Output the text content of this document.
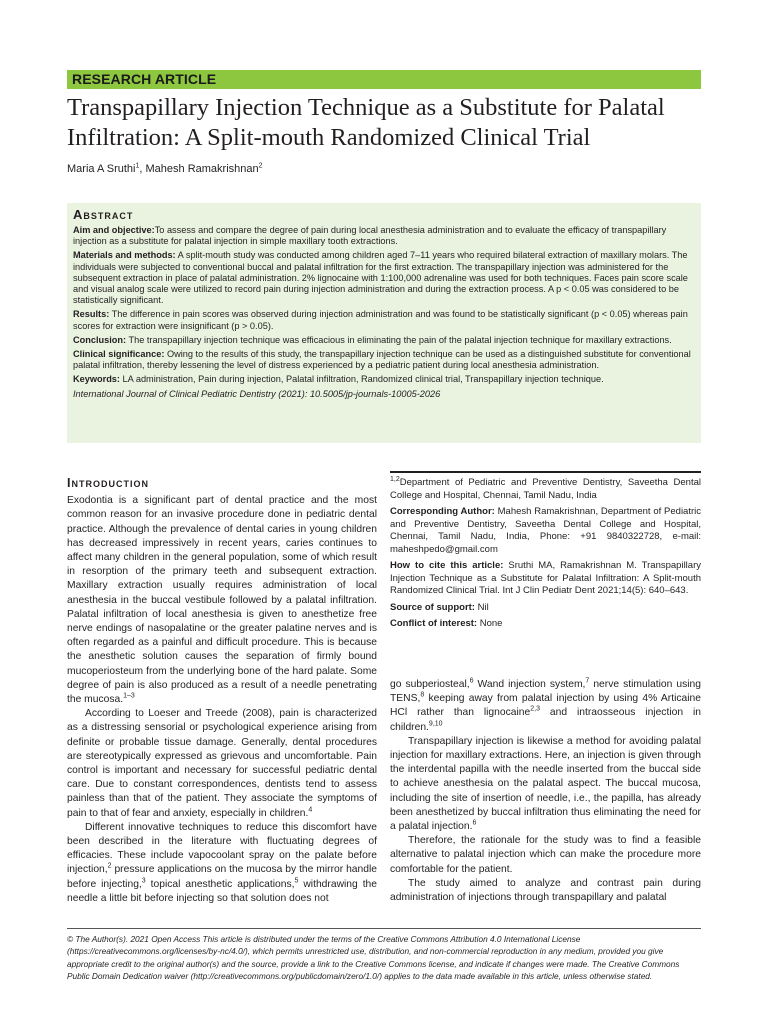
RESEARCH ARTICLE
Transpapillary Injection Technique as a Substitute for Palatal Infiltration: A Split-mouth Randomized Clinical Trial
Maria A Sruthi$^1$, Mahesh Ramakrishnan$^2$
Abstract

Aim and objective:To assess and compare the degree of pain during local anesthesia administration and to evaluate the efficacy of transpapillary injection as a substitute for palatal injection in simple maxillary tooth extractions.

Materials and methods: A split-mouth study was conducted among children aged 7–11 years who required bilateral extraction of maxillary molars. The individuals were subjected to conventional buccal and palatal infiltration for the first extraction. The transpapillary injection was administered for the subsequent extraction in place of palatal administration. 2% lignocaine with 1:100,000 adrenaline was used for both techniques. Faces pain score scale and visual analog scale were utilized to record pain during injection administration and during the extraction process. A p < 0.05 was considered to be statistically significant.

Results: The difference in pain scores was observed during injection administration and was found to be statistically significant (p < 0.05) whereas pain scores for extraction were insignificant (p > 0.05).

Conclusion: The transpapillary injection technique was efficacious in eliminating the pain of the palatal injection technique for maxillary extractions.

Clinical significance: Owing to the results of this study, the transpapillary injection technique can be used as a distinguished substitute for conventional palatal infiltration, thereby lessening the level of distress experienced by a pediatric patient during local anesthesia administration.

Keywords: LA administration, Pain during injection, Palatal infiltration, Randomized clinical trial, Transpapillary injection technique.

International Journal of Clinical Pediatric Dentistry (2021): 10.5005/jp-journals-10005-2026

Introduction

Exodontia is a significant part of dental practice and the most common reason for an invasive procedure done in pediatric dental practice. Although the prevalence of dental caries in young children has decreased impressively in recent years, caries continues to affect many children in the general population, some of which result in resorption of the primary teeth and subsequent extraction. Maxillary extraction usually requires administration of local anesthesia in the buccal vestibule followed by a palatal infiltration. Palatal infiltration of local anesthesia is given to anesthetize free nerve endings of nasopalatine or the greater palatine nerves and is often regarded as a painful and difficult procedure. This is because the anesthetic solution causes the separation of firmly bound mucoperiosteum from the underlying bone of the hard palate. Some degree of pain is also produced as a result of a needle penetrating the mucosa.$^{1-3}$

According to Loeser and Treede (2008), pain is characterized as a distressing sensorial or psychological experience arising from definite or probable tissue damage. Generally, dental procedures are stereotypically expressed as grievous and uncomfortable. Pain control is important and necessary for successful pediatric dental care. Due to constant correspondences, dentists tend to assess painless than that of the patient. They associate the symptoms of pain to that of fear and anxiety, especially in children.$^4$

Different innovative techniques to reduce this discomfort have been described in the literature with fluctuating degrees of efficacies. These include vapocoolant spray on the palate before injection,$^2$ pressure applications on the mucosa by the mirror handle before injecting,$^3$ topical anesthetic applications,$^5$ withdrawing the needle a little bit before injecting so that solution does not

$^{1,2}$Department of Pediatric and Preventive Dentistry, Saveetha Dental College and Hospital, Chennai, Tamil Nadu, India

Corresponding Author: Mahesh Ramakrishnan, Department of Pediatric and Preventive Dentistry, Saveetha Dental College and Hospital, Chennai, Tamil Nadu, India, Phone: +91 9840322728, e-mail: maheshpedo@gmail.com

How to cite this article: Sruthi MA, Ramakrishnan M. Transpapillary Injection Technique as a Substitute for Palatal Infiltration: A Split-mouth Randomized Clinical Trial. Int J Clin Pediatr Dent 2021;14(5): 640–643.

Source of support: Nil

Conflict of interest: None

go subperiosteal,$^6$ Wand injection system,$^7$ nerve stimulation using TENS,$^8$ keeping away from palatal injection by using 4% Articaine HCl rather than lignocaine$^{2,3}$ and intraosseous injection in children.$^{9,10}$

Transpapillary injection is likewise a method for avoiding palatal injection for maxillary extractions. Here, an injection is given through the interdental papilla with the needle inserted from the buccal side to achieve anesthesia on the palatal aspect. The buccal mucosa, including the site of insertion of needle, i.e., the papilla, has already been anesthetized by buccal infiltration thus eliminating the need for a palatal injection.$^6$

Therefore, the rationale for the study was to find a feasible alternative to palatal injection which can make the procedure more comfortable for the patient.

The study aimed to analyze and contrast pain during administration of injections through transpapillary and palatal

© The Author(s). 2021 Open Access This article is distributed under the terms of the Creative Commons Attribution 4.0 International License (https://creativecommons.org/licenses/by-nc/4.0/), which permits unrestricted use, distribution, and non-commercial reproduction in any medium, provided you give appropriate credit to the original author(s) and the source, provide a link to the Creative Commons license, and indicate if changes were made. The Creative Commons Public Domain Dedication waiver (http://creativecommons.org/publicdomain/zero/1.0/) applies to the data made available in this article, unless otherwise stated.
